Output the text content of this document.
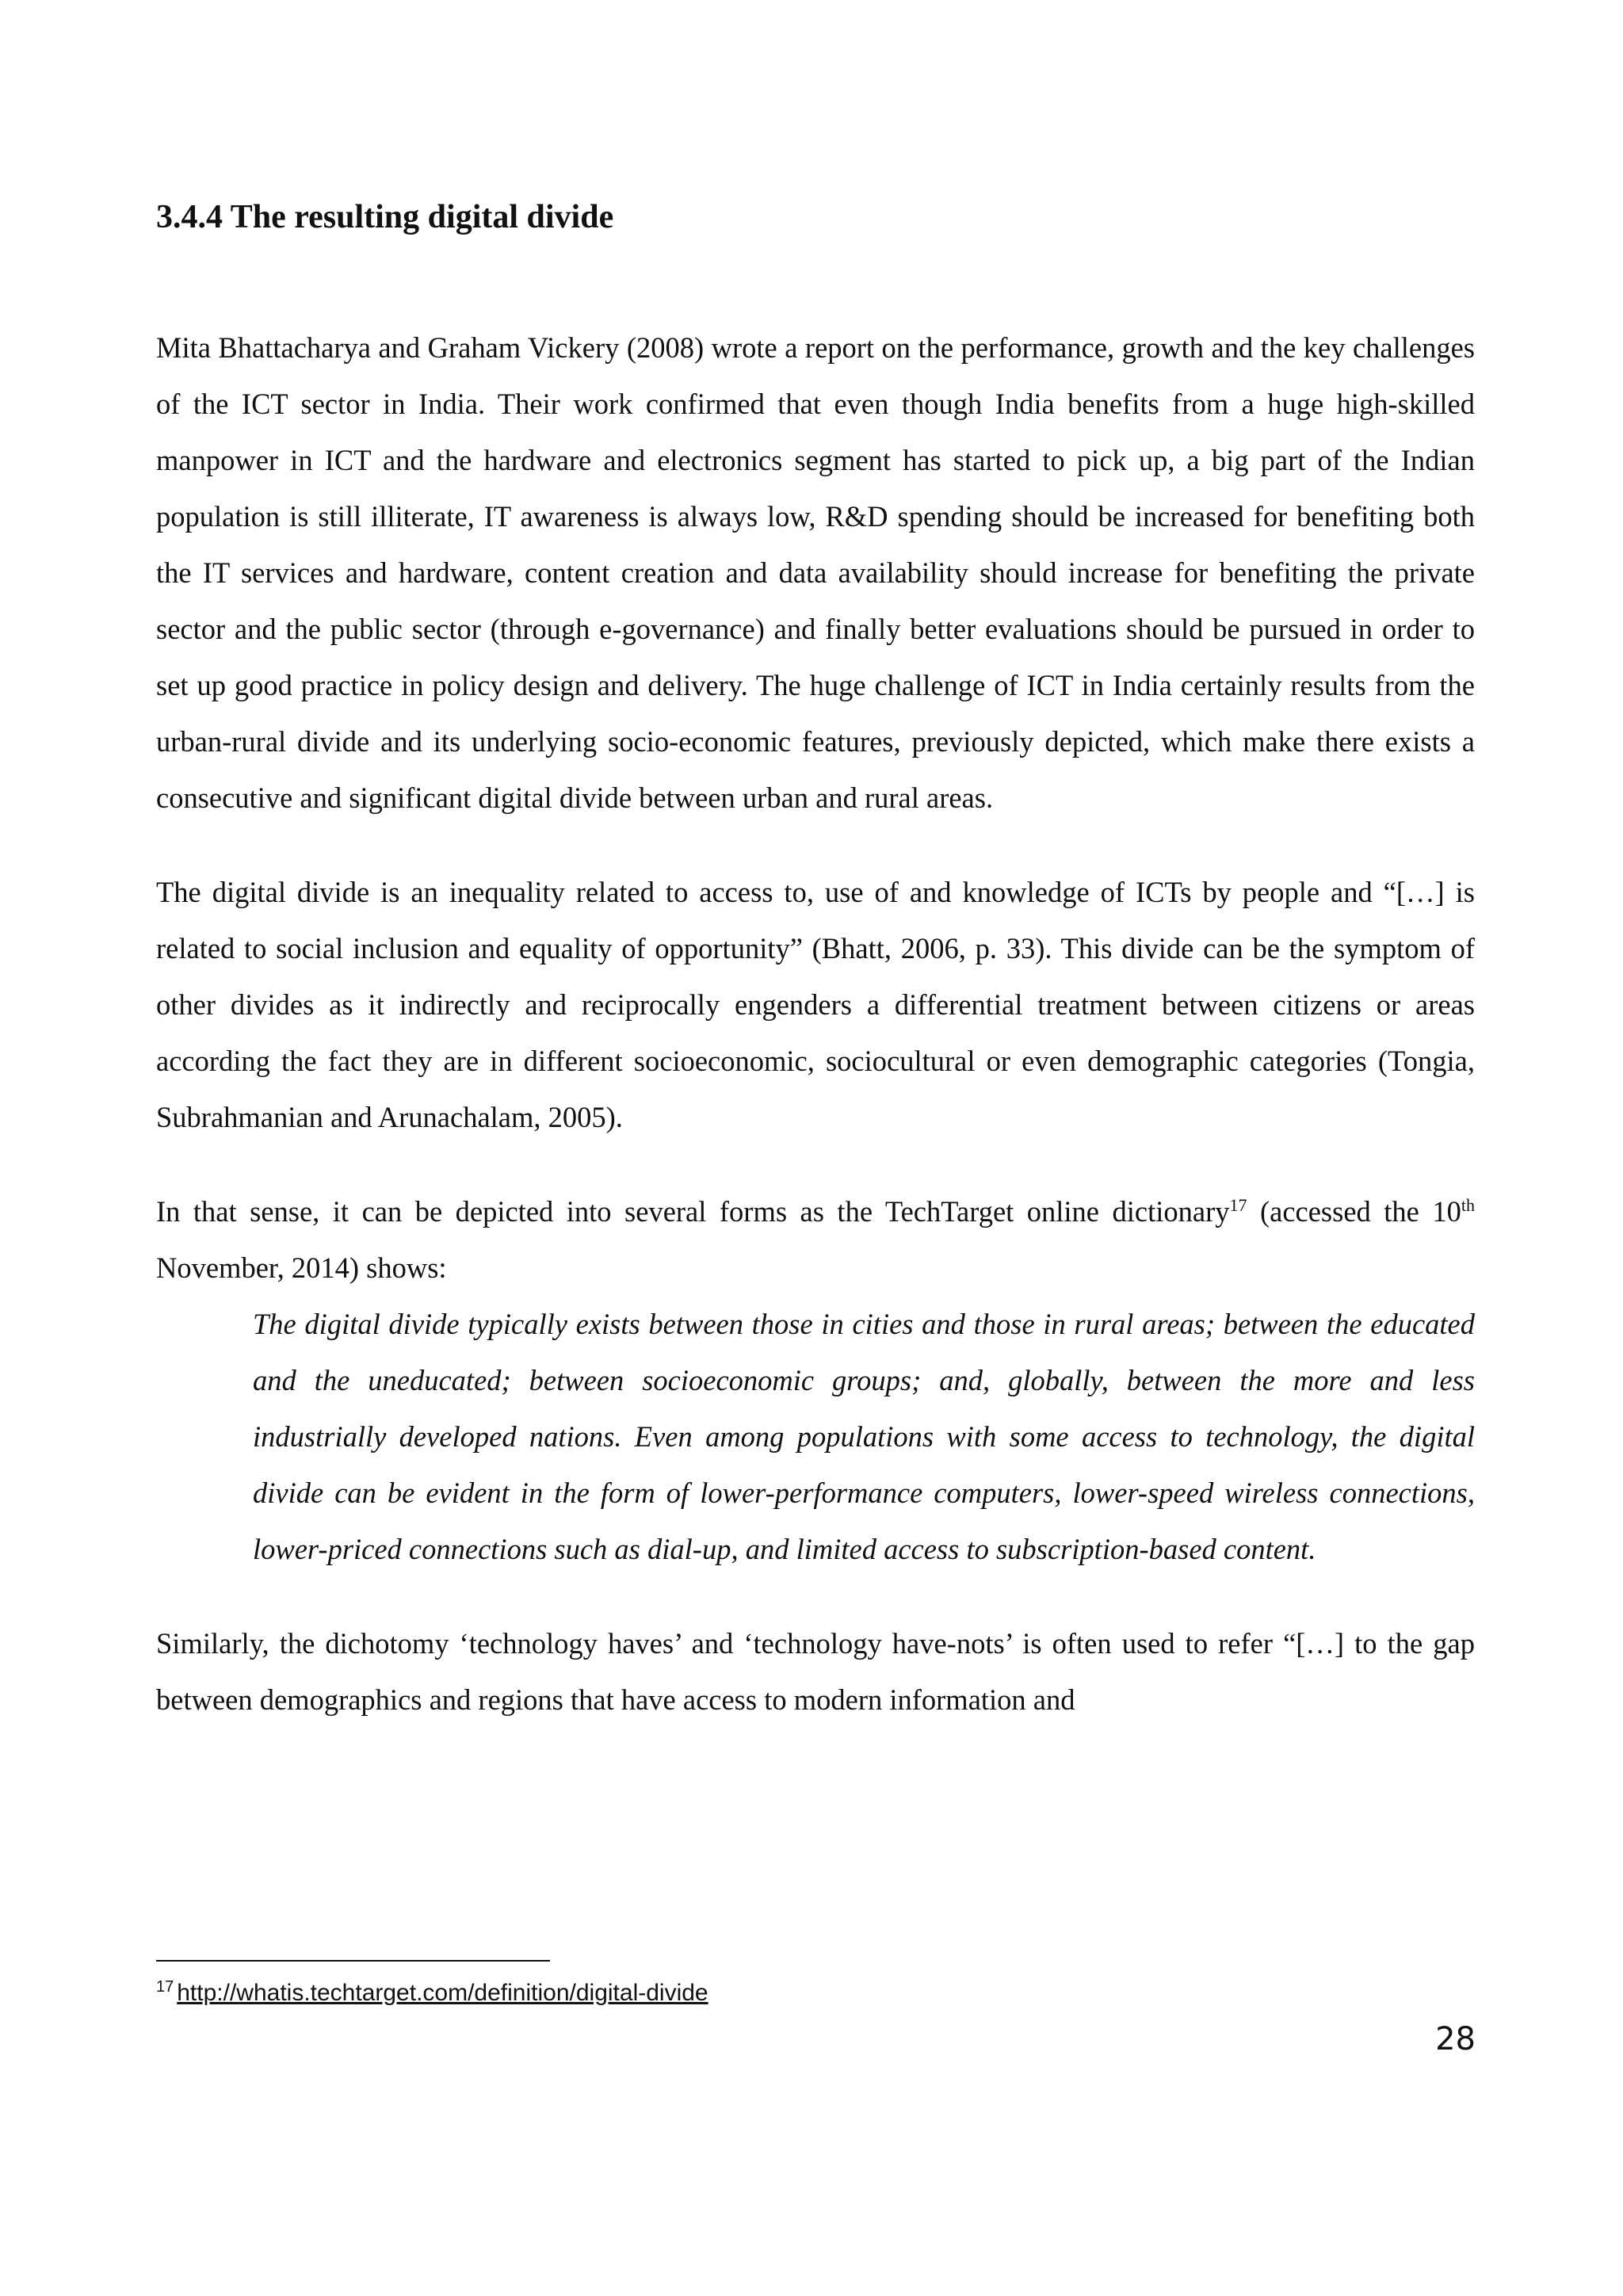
3.4.4 The resulting digital divide

Mita Bhattacharya and Graham Vickery (2008) wrote a report on the performance, growth and the key challenges of the ICT sector in India. Their work confirmed that even though India benefits from a huge high-skilled manpower in ICT and the hardware and electronics segment has started to pick up, a big part of the Indian population is still illiterate, IT awareness is always low, R&D spending should be increased for benefiting both the IT services and hardware, content creation and data availability should increase for benefiting the private sector and the public sector (through e-governance) and finally better evaluations should be pursued in order to set up good practice in policy design and delivery. The huge challenge of ICT in India certainly results from the urban-rural divide and its underlying socio-economic features, previously depicted, which make there exists a consecutive and significant digital divide between urban and rural areas.

The digital divide is an inequality related to access to, use of and knowledge of ICTs by people and “[…] is related to social inclusion and equality of opportunity” (Bhatt, 2006, p. 33). This divide can be the symptom of other divides as it indirectly and reciprocally engenders a differential treatment between citizens or areas according the fact they are in different socioeconomic, sociocultural or even demographic categories (Tongia, Subrahmanian and Arunachalam, 2005).

In that sense, it can be depicted into several forms as the TechTarget online dictionary$^{17}$ (accessed the 10th November, 2014) shows:

The digital divide typically exists between those in cities and those in rural areas; between the educated and the uneducated; between socioeconomic groups; and, globally, between the more and less industrially developed nations. Even among populations with some access to technology, the digital divide can be evident in the form of lower-performance computers, lower-speed wireless connections, lower-priced connections such as dial-up, and limited access to subscription-based content.

Similarly, the dichotomy ‘technology haves’ and ‘technology have-nots’ is often used to refer “[…] to the gap between demographics and regions that have access to modern information and

$^{17}$ http://whatis.techtarget.com/definition/digital-divide
28
